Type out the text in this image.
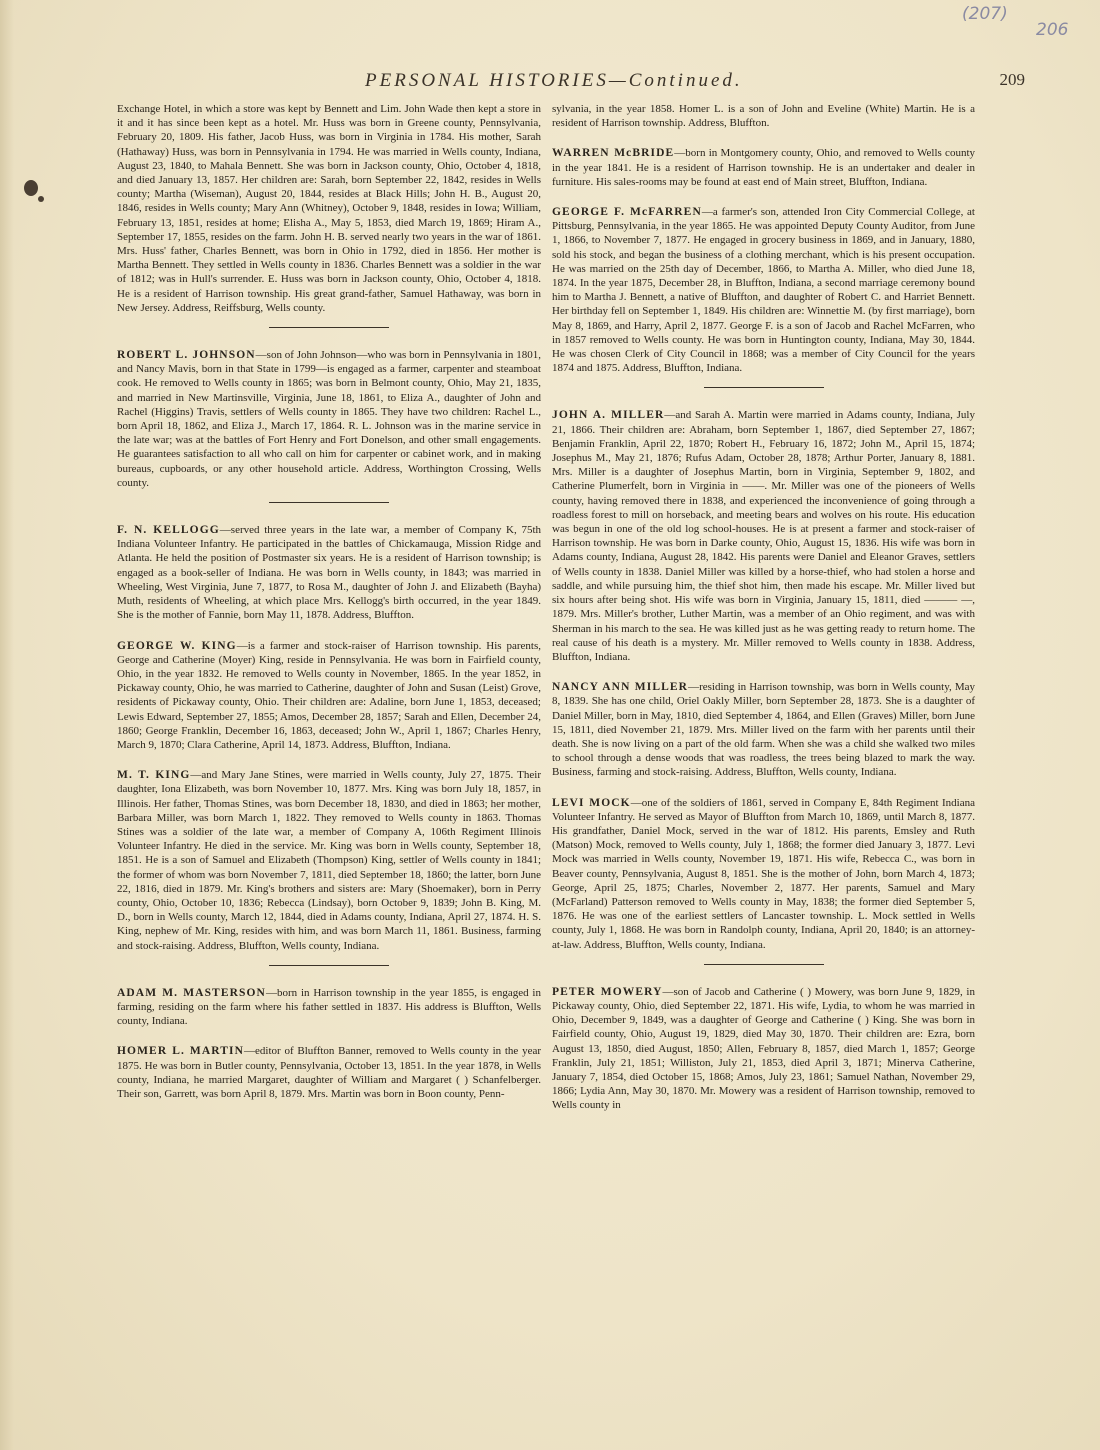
(207)
206
PERSONAL HISTORIES—Continued.	209

Exchange Hotel, in which a store was kept by Bennett and Lim. John Wade then kept a store in it and it has since been kept as a hotel. Mr. Huss was born in Greene county, Pennsylvania, February 20, 1809. His father, Jacob Huss, was born in Virginia in 1784. His mother, Sarah (Hathaway) Huss, was born in Pennsylvania in 1794. He was married in Wells county, Indiana, August 23, 1840, to Mahala Bennett. She was born in Jackson county, Ohio, October 4, 1818, and died January 13, 1857. Her children are: Sarah, born September 22, 1842, resides in Wells county; Martha (Wiseman), August 20, 1844, resides at Black Hills; John H. B., August 20, 1846, resides in Wells county; Mary Ann (Whitney), October 9, 1848, resides in Iowa; William, February 13, 1851, resides at home; Elisha A., May 5, 1853, died March 19, 1869; Hiram A., September 17, 1855, resides on the farm. John H. B. served nearly two years in the war of 1861. Mrs. Huss' father, Charles Bennett, was born in Ohio in 1792, died in 1856. Her mother is Martha Bennett. They settled in Wells county in 1836. Charles Bennett was a soldier in the war of 1812; was in Hull's surrender. E. Huss was born in Jackson county, Ohio, October 4, 1818. He is a resident of Harrison township. His great grand-father, Samuel Hathaway, was born in New Jersey. Address, Reiffsburg, Wells county.

ROBERT L. JOHNSON—son of John Johnson—who was born in Pennsylvania in 1801, and Nancy Mavis, born in that State in 1799—is engaged as a farmer, carpenter and steamboat cook. He removed to Wells county in 1865; was born in Belmont county, Ohio, May 21, 1835, and married in New Martinsville, Virginia, June 18, 1861, to Eliza A., daughter of John and Rachel (Higgins) Travis, settlers of Wells county in 1865. They have two children: Rachel L., born April 18, 1862, and Eliza J., March 17, 1864. R. L. Johnson was in the marine service in the late war; was at the battles of Fort Henry and Fort Donelson, and other small engagements. He guarantees satisfaction to all who call on him for carpenter or cabinet work, and in making bureaus, cupboards, or any other household article. Address, Worthington Crossing, Wells county.

F. N. KELLOGG—served three years in the late war, a member of Company K, 75th Indiana Volunteer Infantry. He participated in the battles of Chickamauga, Mission Ridge and Atlanta. He held the position of Postmaster six years. He is a resident of Harrison township; is engaged as a book-seller of Indiana. He was born in Wells county, in 1843; was married in Wheeling, West Virginia, June 7, 1877, to Rosa M., daughter of John J. and Elizabeth (Bayha) Muth, residents of Wheeling, at which place Mrs. Kellogg's birth occurred, in the year 1849. She is the mother of Fannie, born May 11, 1878. Address, Bluffton.

GEORGE W. KING—is a farmer and stock-raiser of Harrison township. His parents, George and Catherine (Moyer) King, reside in Pennsylvania. He was born in Fairfield county, Ohio, in the year 1832. He removed to Wells county in November, 1865. In the year 1852, in Pickaway county, Ohio, he was married to Catherine, daughter of John and Susan (Leist) Grove, residents of Pickaway county, Ohio. Their children are: Adaline, born June 1, 1853, deceased; Lewis Edward, September 27, 1855; Amos, December 28, 1857; Sarah and Ellen, December 24, 1860; George Franklin, December 16, 1863, deceased; John W., April 1, 1867; Charles Henry, March 9, 1870; Clara Catherine, April 14, 1873. Address, Bluffton, Indiana.

M. T. KING—and Mary Jane Stines, were married in Wells county, July 27, 1875. Their daughter, Iona Elizabeth, was born November 10, 1877. Mrs. King was born July 18, 1857, in Illinois. Her father, Thomas Stines, was born December 18, 1830, and died in 1863; her mother, Barbara Miller, was born March 1, 1822. They removed to Wells county in 1863. Thomas Stines was a soldier of the late war, a member of Company A, 106th Regiment Illinois Volunteer Infantry. He died in the service. Mr. King was born in Wells county, September 18, 1851. He is a son of Samuel and Elizabeth (Thompson) King, settler of Wells county in 1841; the former of whom was born November 7, 1811, died September 18, 1860; the latter, born June 22, 1816, died in 1879. Mr. King's brothers and sisters are: Mary (Shoemaker), born in Perry county, Ohio, October 10, 1836; Rebecca (Lindsay), born October 9, 1839; John B. King, M. D., born in Wells county, March 12, 1844, died in Adams county, Indiana, April 27, 1874. H. S. King, nephew of Mr. King, resides with him, and was born March 11, 1861. Business, farming and stock-raising. Address, Bluffton, Wells county, Indiana.

ADAM M. MASTERSON—born in Harrison township in the year 1855, is engaged in farming, residing on the farm where his father settled in 1837. His address is Bluffton, Wells county, Indiana.

HOMER L. MARTIN—editor of Bluffton Banner, removed to Wells county in the year 1875. He was born in Butler county, Pennsylvania, October 13, 1851. In the year 1878, in Wells county, Indiana, he married Margaret, daughter of William and Margaret ( ) Schanfelberger. Their son, Garrett, was born April 8, 1879. Mrs. Martin was born in Boon county, Penn-

sylvania, in the year 1858. Homer L. is a son of John and Eveline (White) Martin. He is a resident of Harrison township. Address, Bluffton.

WARREN McBRIDE—born in Montgomery county, Ohio, and removed to Wells county in the year 1841. He is a resident of Harrison township. He is an undertaker and dealer in furniture. His sales-rooms may be found at east end of Main street, Bluffton, Indiana.

GEORGE F. McFARREN—a farmer's son, attended Iron City Commercial College, at Pittsburg, Pennsylvania, in the year 1865. He was appointed Deputy County Auditor, from June 1, 1866, to November 7, 1877. He engaged in grocery business in 1869, and in January, 1880, sold his stock, and began the business of a clothing merchant, which is his present occupation. He was married on the 25th day of December, 1866, to Martha A. Miller, who died June 18, 1874. In the year 1875, December 28, in Bluffton, Indiana, a second marriage ceremony bound him to Martha J. Bennett, a native of Bluffton, and daughter of Robert C. and Harriet Bennett. Her birthday fell on September 1, 1849. His children are: Winnettie M. (by first marriage), born May 8, 1869, and Harry, April 2, 1877. George F. is a son of Jacob and Rachel McFarren, who in 1857 removed to Wells county. He was born in Huntington county, Indiana, May 30, 1844. He was chosen Clerk of City Council in 1868; was a member of City Council for the years 1874 and 1875. Address, Bluffton, Indiana.

JOHN A. MILLER—and Sarah A. Martin were married in Adams county, Indiana, July 21, 1866. Their children are: Abraham, born September 1, 1867, died September 27, 1867; Benjamin Franklin, April 22, 1870; Robert H., February 16, 1872; John M., April 15, 1874; Josephus M., May 21, 1876; Rufus Adam, October 28, 1878; Arthur Porter, January 8, 1881. Mrs. Miller is a daughter of Josephus Martin, born in Virginia, September 9, 1802, and Catherine Plumerfelt, born in Virginia in ——. Mr. Miller was one of the pioneers of Wells county, having removed there in 1838, and experienced the inconvenience of going through a roadless forest to mill on horseback, and meeting bears and wolves on his route. His education was begun in one of the old log school-houses. He is at present a farmer and stock-raiser of Harrison township. He was born in Darke county, Ohio, August 15, 1836. His wife was born in Adams county, Indiana, August 28, 1842. His parents were Daniel and Eleanor Graves, settlers of Wells county in 1838. Daniel Miller was killed by a horse-thief, who had stolen a horse and saddle, and while pursuing him, the thief shot him, then made his escape. Mr. Miller lived but six hours after being shot. His wife was born in Virginia, January 15, 1811, died ——— —, 1879. Mrs. Miller's brother, Luther Martin, was a member of an Ohio regiment, and was with Sherman in his march to the sea. He was killed just as he was getting ready to return home. The real cause of his death is a mystery. Mr. Miller removed to Wells county in 1838. Address, Bluffton, Indiana.

NANCY ANN MILLER—residing in Harrison township, was born in Wells county, May 8, 1839. She has one child, Oriel Oakly Miller, born September 28, 1873. She is a daughter of Daniel Miller, born in May, 1810, died September 4, 1864, and Ellen (Graves) Miller, born June 15, 1811, died November 21, 1879. Mrs. Miller lived on the farm with her parents until their death. She is now living on a part of the old farm. When she was a child she walked two miles to school through a dense woods that was roadless, the trees being blazed to mark the way. Business, farming and stock-raising. Address, Bluffton, Wells county, Indiana.

LEVI MOCK—one of the soldiers of 1861, served in Company E, 84th Regiment Indiana Volunteer Infantry. He served as Mayor of Bluffton from March 10, 1869, until March 8, 1877. His grandfather, Daniel Mock, served in the war of 1812. His parents, Emsley and Ruth (Matson) Mock, removed to Wells county, July 1, 1868; the former died January 3, 1877. Levi Mock was married in Wells county, November 19, 1871. His wife, Rebecca C., was born in Beaver county, Pennsylvania, August 8, 1851. She is the mother of John, born March 4, 1873; George, April 25, 1875; Charles, November 2, 1877. Her parents, Samuel and Mary (McFarland) Patterson removed to Wells county in May, 1838; the former died September 5, 1876. He was one of the earliest settlers of Lancaster township. L. Mock settled in Wells county, July 1, 1868. He was born in Randolph county, Indiana, April 20, 1840; is an attorney-at-law. Address, Bluffton, Wells county, Indiana.

PETER MOWERY—son of Jacob and Catherine ( ) Mowery, was born June 9, 1829, in Pickaway county, Ohio, died September 22, 1871. His wife, Lydia, to whom he was married in Ohio, December 9, 1849, was a daughter of George and Catherine ( ) King. She was born in Fairfield county, Ohio, August 19, 1829, died May 30, 1870. Their children are: Ezra, born August 13, 1850, died August, 1850; Allen, February 8, 1857, died March 1, 1857; George Franklin, July 21, 1851; Williston, July 21, 1853, died April 3, 1871; Minerva Catherine, January 7, 1854, died October 15, 1868; Amos, July 23, 1861; Samuel Nathan, November 29, 1866; Lydia Ann, May 30, 1870. Mr. Mowery was a resident of Harrison township, removed to Wells county in
